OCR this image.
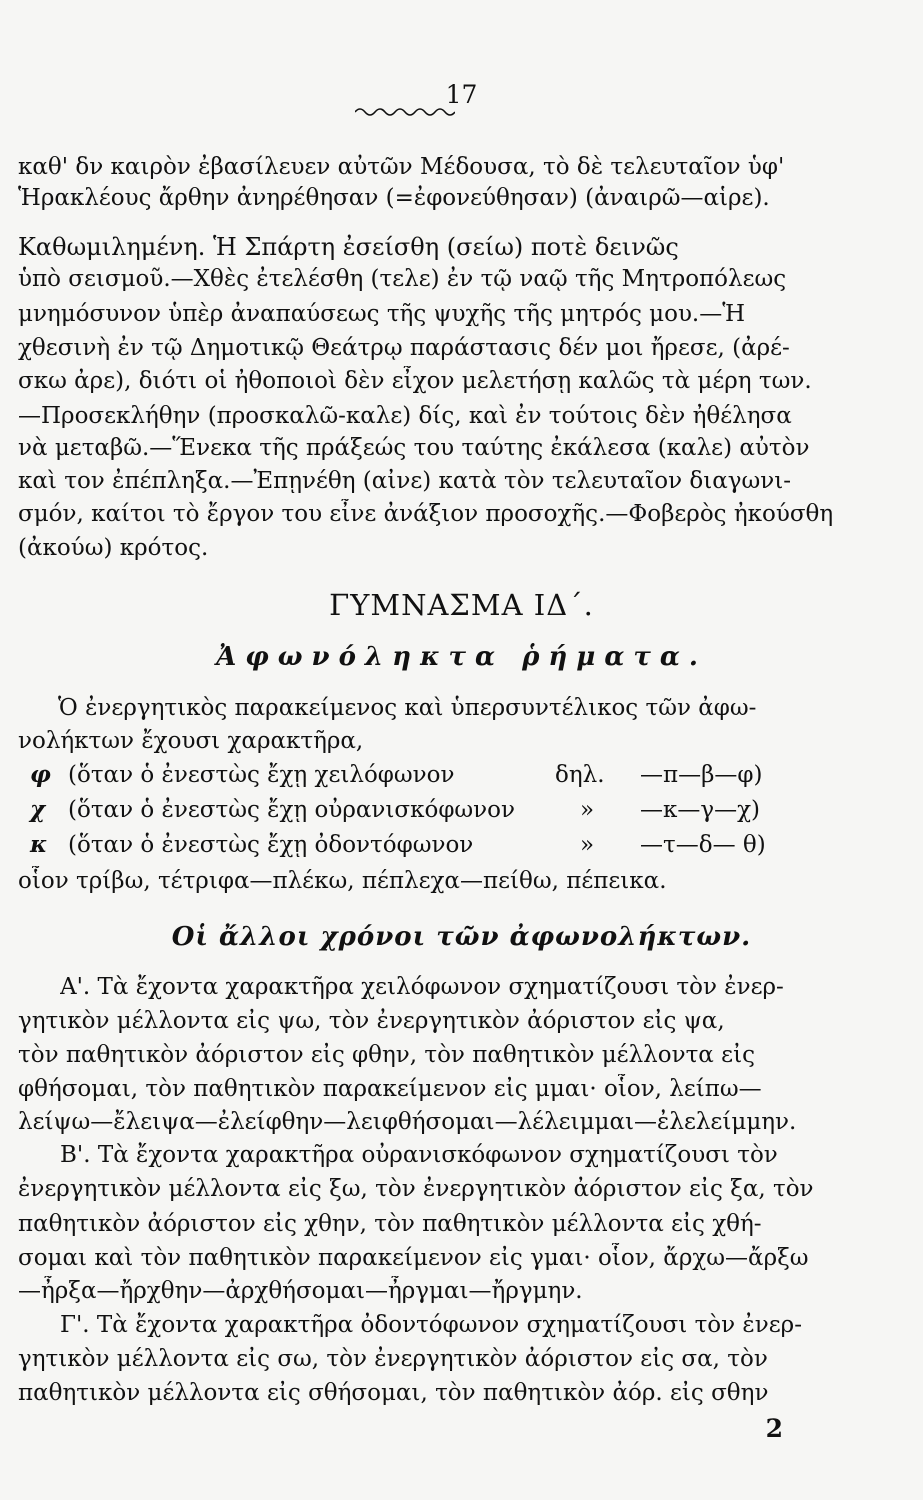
17
καθ' δν καιρὸν ἐβασίλευεν αὐτῶν Μέδουσα, τὸ δὲ τελευταῖον ὑφ'
Ἡρακλέους ἄρθην ἀνηρέθησαν (=ἐφονεύθησαν) (ἀναιρῶ—αἱρε).
Καθωμιλημένη. Ἡ Σπάρτη ἐσείσθη (σείω) ποτὲ δεινῶς
ὑπὸ σεισμοῦ.—Χθὲς ἐτελέσθη (τελε) ἐν τῷ ναῷ τῆς Μητροπόλεως
μνημόσυνον ὑπὲρ ἀναπαύσεως τῆς ψυχῆς τῆς μητρός μου.—Ἡ
χθεσινὴ ἐν τῷ Δημοτικῷ Θεάτρῳ παράστασις δέν μοι ἤρεσε, (ἀρέ-
σκω ἀρε), διότι οἱ ἠθοποιοὶ δὲν εἶχον μελετήσῃ καλῶς τὰ μέρη των.
—Προσεκλήθην (προσκαλῶ-καλε) δίς, καὶ ἐν τούτοις δὲν ἠθέλησα
νὰ μεταβῶ.—Ἕνεκα τῆς πράξεώς του ταύτης ἐκάλεσα (καλε) αὐτὸν
καὶ τον ἐπέπληξα.—Ἐπῃνέθη (αἰνε) κατὰ τὸν τελευταῖον διαγωνι-
σμόν, καίτοι τὸ ἔργον του εἶνε ἀνάξιον προσοχῆς.—Φοβερὸς ἠκούσθη
(ἀκούω) κρότος.
ΓΥΜΝΑΣΜΑ ΙΔ΄.
Ἀφωνόληκτα ῥήματα.
Ὁ ἐνεργητικὸς παρακείμενος καὶ ὑπερσυντέλικος τῶν ἀφω-
νολήκτων ἔχουσι χαρακτῆρα,
φ (ὅταν ὁ ἐνεστὼς ἔχῃ χειλόφωνον	δηλ. —π—β—φ)
χ (ὅταν ὁ ἐνεστὼς ἔχῃ οὐρανισκόφωνον	» —κ—γ—χ)
κ (ὅταν ὁ ἐνεστὼς ἔχῃ ὀδοντόφωνον	» —τ—δ— θ)
οἷον τρίβω, τέτριφα—πλέκω, πέπλεχα—πείθω, πέπεικα.
Οἱ ἄλλοι χρόνοι τῶν ἀφωνολήκτων.
Α'. Τὰ ἔχοντα χαρακτῆρα χειλόφωνον σχηματίζουσι τὸν ἐνερ-
γητικὸν μέλλοντα εἰς ψω, τὸν ἐνεργητικὸν ἀόριστον εἰς ψα,
τὸν παθητικὸν ἀόριστον εἰς φθην, τὸν παθητικὸν μέλλοντα εἰς
φθήσομαι, τὸν παθητικὸν παρακείμενον εἰς μμαι· οἷον, λείπω—
λείψω—ἔλειψα—ἐλείφθην—λειφθήσομαι—λέλειμμαι—ἐλελείμμην.
Β'. Τὰ ἔχοντα χαρακτῆρα οὐρανισκόφωνον σχηματίζουσι τὸν
ἐνεργητικὸν μέλλοντα εἰς ξω, τὸν ἐνεργητικὸν ἀόριστον εἰς ξα, τὸν
παθητικὸν ἀόριστον εἰς χθην, τὸν παθητικὸν μέλλοντα εἰς χθή-
σομαι καὶ τὸν παθητικὸν παρακείμενον εἰς γμαι· οἷον, ἄρχω—ἄρξω
—ἦρξα—ἤρχθην—ἀρχθήσομαι—ἦργμαι—ἤργμην.
Γ'. Τὰ ἔχοντα χαρακτῆρα ὀδοντόφωνον σχηματίζουσι τὸν ἐνερ-
γητικὸν μέλλοντα εἰς σω, τὸν ἐνεργητικὸν ἀόριστον εἰς σα, τὸν
παθητικὸν μέλλοντα εἰς σθήσομαι, τὸν παθητικὸν ἀόρ. εἰς σθην
2
